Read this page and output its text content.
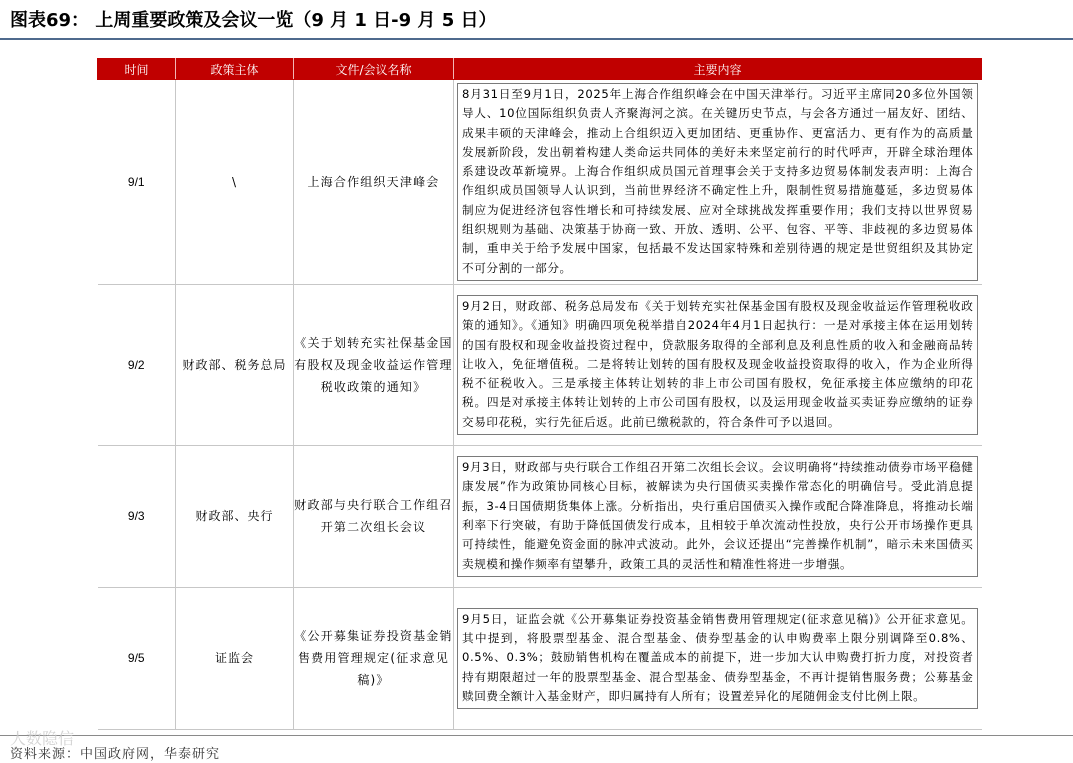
图表69： 上周重要政策及会议一览（9 月 1 日-9 月 5 日）
时间	政策主体	文件/会议名称	主要内容
9/1	\	上海合作组织天津峰会	8月31日至9月1日，2025年上海合作组织峰会在中国天津举行。习近平主席同20多位外国领导人、10位国际组织负责人齐聚海河之滨。在关键历史节点，与会各方通过一届友好、团结、成果丰硕的天津峰会，推动上合组织迈入更加团结、更重协作、更富活力、更有作为的高质量发展新阶段，发出朝着构建人类命运共同体的美好未来坚定前行的时代呼声，开辟全球治理体系建设改革新境界。上海合作组织成员国元首理事会关于支持多边贸易体制发表声明：上海合作组织成员国领导人认识到，当前世界经济不确定性上升，限制性贸易措施蔓延，多边贸易体制应为促进经济包容性增长和可持续发展、应对全球挑战发挥重要作用；我们支持以世界贸易组织规则为基础、决策基于协商一致、开放、透明、公平、包容、平等、非歧视的多边贸易体制，重申关于给予发展中国家，包括最不发达国家特殊和差别待遇的规定是世贸组织及其协定不可分割的一部分。

9/2	财政部、税务总局	《关于划转充实社保基金国有股权及现金收益运作管理税收政策的通知》	9月2日，财政部、税务总局发布《关于划转充实社保基金国有股权及现金收益运作管理税收政策的通知》。《通知》明确四项免税举措自2024年4月1日起执行：一是对承接主体在运用划转的国有股权和现金收益投资过程中，贷款服务取得的全部利息及利息性质的收入和金融商品转让收入，免征增值税。二是将转让划转的国有股权及现金收益投资取得的收入，作为企业所得税不征税收入。三是承接主体转让划转的非上市公司国有股权，免征承接主体应缴纳的印花税。四是对承接主体转让划转的上市公司国有股权，以及运用现金收益买卖证券应缴纳的证券交易印花税，实行先征后返。此前已缴税款的，符合条件可予以退回。

9/3	财政部、央行	财政部与央行联合工作组召开第二次组长会议	9月3日，财政部与央行联合工作组召开第二次组长会议。会议明确将“持续推动债券市场平稳健康发展”作为政策协同核心目标，被解读为央行国债买卖操作常态化的明确信号。受此消息提振，3-4日国债期货集体上涨。分析指出，央行重启国债买入操作或配合降准降息，将推动长端利率下行突破，有助于降低国债发行成本，且相较于单次流动性投放，央行公开市场操作更具可持续性，能避免资金面的脉冲式波动。此外，会议还提出“完善操作机制”，暗示未来国债买卖规模和操作频率有望攀升，政策工具的灵活性和精准性将进一步增强。

9/5	证监会	《公开募集证券投资基金销售费用管理规定(征求意见稿)》	9月5日，证监会就《公开募集证券投资基金销售费用管理规定(征求意见稿)》公开征求意见。其中提到，将股票型基金、混合型基金、债券型基金的认申购费率上限分别调降至0.8%、0.5%、0.3%；鼓励销售机构在覆盖成本的前提下，进一步加大认申购费打折力度，对投资者持有期限超过一年的股票型基金、混合型基金、债券型基金，不再计提销售服务费；公募基金赎回费全额计入基金财产，即归属持有人所有；设置差异化的尾随佣金支付比例上限。
人数隐信
资料来源：中国政府网，华泰研究
